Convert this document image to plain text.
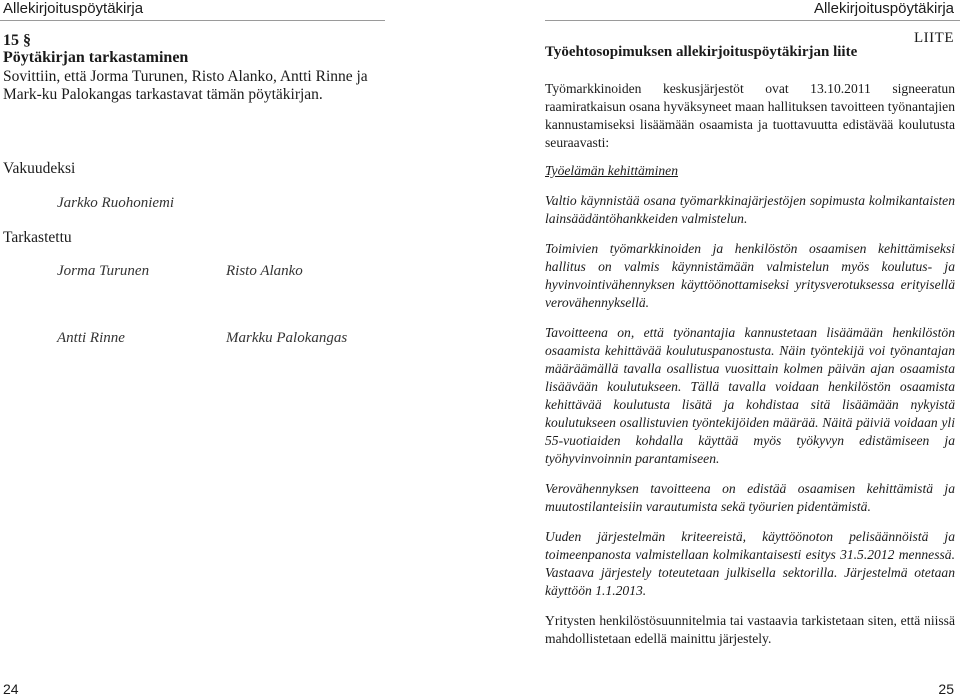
Allekirjoituspöytäkirja
15 §
Pöytäkirjan tarkastaminen
Sovittiin, että Jorma Turunen, Risto Alanko, Antti Rinne ja Mark-ku Palokangas tarkastavat tämän pöytäkirjan.
Vakuudeksi
Jarkko Ruohoniemi
Tarkastettu
Jorma Turunen	Risto Alanko
Antti Rinne	Markku Palokangas
24
Allekirjoituspöytäkirja
LIITE
Työehtosopimuksen allekirjoituspöytäkirjan liite

Työmarkkinoiden keskusjärjestöt ovat 13.10.2011 signeeratun raamiratkaisun osana hyväksyneet maan hallituksen tavoitteen työnantajien kannustamiseksi lisäämään osaamista ja tuottavuutta edistävää koulutusta seuraavasti:

Työelämän kehittäminen

Valtio käynnistää osana työmarkkinajärjestöjen sopimusta kolmikantaisten lainsäädäntöhankkeiden valmistelun.

Toimivien työmarkkinoiden ja henkilöstön osaamisen kehittämiseksi hallitus on valmis käynnistämään valmistelun myös koulutus- ja hyvinvointivähennyksen käyttöönottamiseksi yritysverotuksessa erityisellä verovähennyksellä.

Tavoitteena on, että työnantajia kannustetaan lisäämään henkilöstön osaamista kehittävää koulutuspanostusta. Näin työntekijä voi työnantajan määräämällä tavalla osallistua vuosittain kolmen päivän ajan osaamista lisäävään koulutukseen. Tällä tavalla voidaan henkilöstön osaamista kehittävää koulutusta lisätä ja kohdistaa sitä lisäämään nykyistä koulutukseen osallistuvien työntekijöiden määrää. Näitä päiviä voidaan yli 55-vuotiaiden kohdalla käyttää myös työkyvyn edistämiseen ja työhyvinvoinnin parantamiseen.

Verovähennyksen tavoitteena on edistää osaamisen kehittämistä ja muutostilanteisiin varautumista sekä työurien pidentämistä.

Uuden järjestelmän kriteereistä, käyttöönoton pelisäännöistä ja toimeenpanosta valmistellaan kolmikantaisesti esitys 31.5.2012 mennessä. Vastaava järjestely toteutetaan julkisella sektorilla. Järjestelmä otetaan käyttöön 1.1.2013.

Yritysten henkilöstösuunnitelmia tai vastaavia tarkistetaan siten, että niissä mahdollistetaan edellä mainittu järjestely.

25
